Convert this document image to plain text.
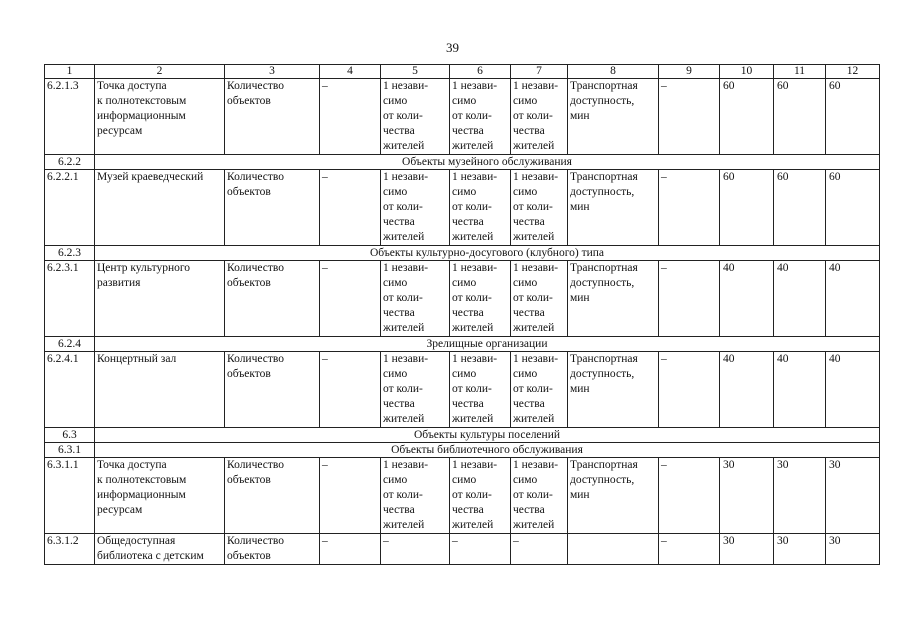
39
1	2	3	4	5	6	7	8	9	10	11	12
6.2.1.3	Точка доступа
к полнотекстовым
информационным
ресурсам	Количество
объектов	–	1 незави-
симо
от коли-
чества
жителей	1 незави-
симо
от коли-
чества
жителей	1 незави-
симо
от коли-
чества
жителей	Транспортная
доступность,
мин	–	60	60	60
6.2.2	Объекты музейного обслуживания										
6.2.2.1	Музей краеведческий	Количество
объектов	–	1 незави-
симо
от коли-
чества
жителей	1 незави-
симо
от коли-
чества
жителей	1 незави-
симо
от коли-
чества
жителей	Транспортная
доступность,
мин	–	60	60	60
6.2.3	Объекты культурно-досугового (клубного) типа										
6.2.3.1	Центр культурного
развития	Количество
объектов	–	1 незави-
симо
от коли-
чества
жителей	1 незави-
симо
от коли-
чества
жителей	1 незави-
симо
от коли-
чества
жителей	Транспортная
доступность,
мин	–	40	40	40
6.2.4	Зрелищные организации										
6.2.4.1	Концертный зал	Количество
объектов	–	1 незави-
симо
от коли-
чества
жителей	1 незави-
симо
от коли-
чества
жителей	1 незави-
симо
от коли-
чества
жителей	Транспортная
доступность,
мин	–	40	40	40
6.3	Объекты культуры поселений										
6.3.1	Объекты библиотечного обслуживания										
6.3.1.1	Точка доступа
к полнотекстовым
информационным
ресурсам	Количество
объектов	–	1 незави-
симо
от коли-
чества
жителей	1 незави-
симо
от коли-
чества
жителей	1 незави-
симо
от коли-
чества
жителей	Транспортная
доступность,
мин	–	30	30	30
6.3.1.2	Общедоступная
библиотека с детским	Количество
объектов	–	–	–	–		–	30	30	30
